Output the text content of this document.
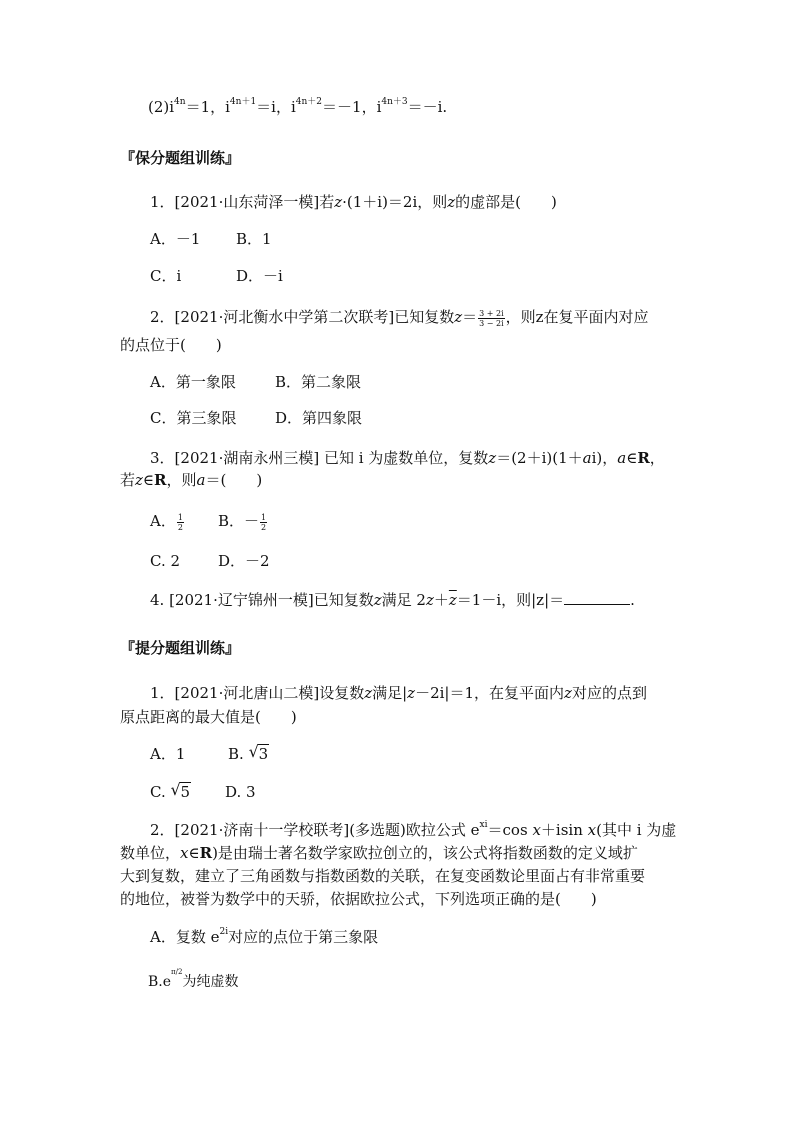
$(2)i^{4n}=1$，$i^{4n+1}=i$，$i^{4n+2}=-1$，$i^{4n+3}=-i$.
『保分题组训练』
1．[2021·山东菏泽一模]若z·(1＋i)＝2i，则z的虚部是(　　)
A．－1 B．1
C．i	D．－i
2．[2021·河北衡水中学第二次联考]已知复数$z= \frac{3 + 2i}{3 - 2i}$ ，则z在复平面内对应
的点位于(　　)
A．第一象限	B．第二象限
C．第三象限	D．第四象限
3．[2021·湖南永州三模] 已知 i 为虚数单位，复数z＝(2＋i)(1＋ai)，a∈R，
若z∈R，则a＝(　　)
A． $\frac{1}{2}$ B．－ $\frac{1}{2}$
C. 2	D．－2
4. [2021·辽宁锦州一模]已知复数z满足 $2z+\overline{z}=1-i$，则|z|＝	.
『提分题组训练』
1．[2021·河北唐山二模]设复数z满足|z－2i|＝1，在复平面内z对应的点到
原点距离的最大值是(　　)
A．1	B. √ 3
C. √ 5 D. 3
2．[2021·济南十一学校联考](多选题)欧拉公式 $e^{xi}=\cos$ x＋isin x(其中 i 为虚
数单位，x∈R)是由瑞士著名数学家欧拉创立的，该公式将指数函数的定义域扩
大到复数，建立了三角函数与指数函数的关联，在复变函数论里面占有非常重要
的地位，被誉为数学中的天骄，依据欧拉公式，下列选项正确的是(　　)
A．复数 $e^{2i}$对应的点位于第三象限
$B.e^{\pi/2}$为纯虚数
